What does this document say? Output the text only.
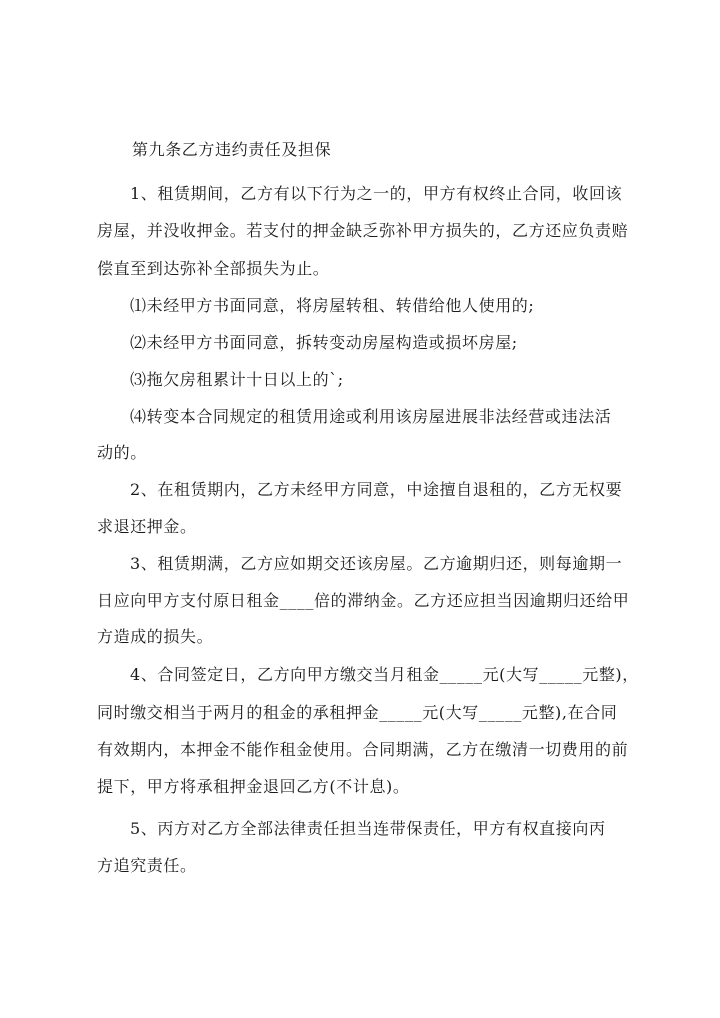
第九条乙方违约责任及担保
1、租赁期间，乙方有以下行为之一的，甲方有权终止合同，收回该
房屋，并没收押金。若支付的押金缺乏弥补甲方损失的，乙方还应负责赔
偿直至到达弥补全部损失为止。
⑴未经甲方书面同意，将房屋转租、转借给他人使用的;
⑵未经甲方书面同意，拆转变动房屋构造或损坏房屋;
⑶拖欠房租累计十日以上的`;
⑷转变本合同规定的租赁用途或利用该房屋进展非法经营或违法活
动的。
2、在租赁期内，乙方未经甲方同意，中途擅自退租的，乙方无权要
求退还押金。
3、租赁期满，乙方应如期交还该房屋。乙方逾期归还，则每逾期一
日应向甲方支付原日租金____倍的滞纳金。乙方还应担当因逾期归还给甲
方造成的损失。
4、合同签定日，乙方向甲方缴交当月租金_____元(大写_____元整)，
同时缴交相当于两月的租金的承租押金_____元(大写_____元整),在合同
有效期内，本押金不能作租金使用。合同期满，乙方在缴清一切费用的前
提下，甲方将承租押金退回乙方(不计息)。
5、丙方对乙方全部法律责任担当连带保责任，甲方有权直接向丙
方追究责任。
